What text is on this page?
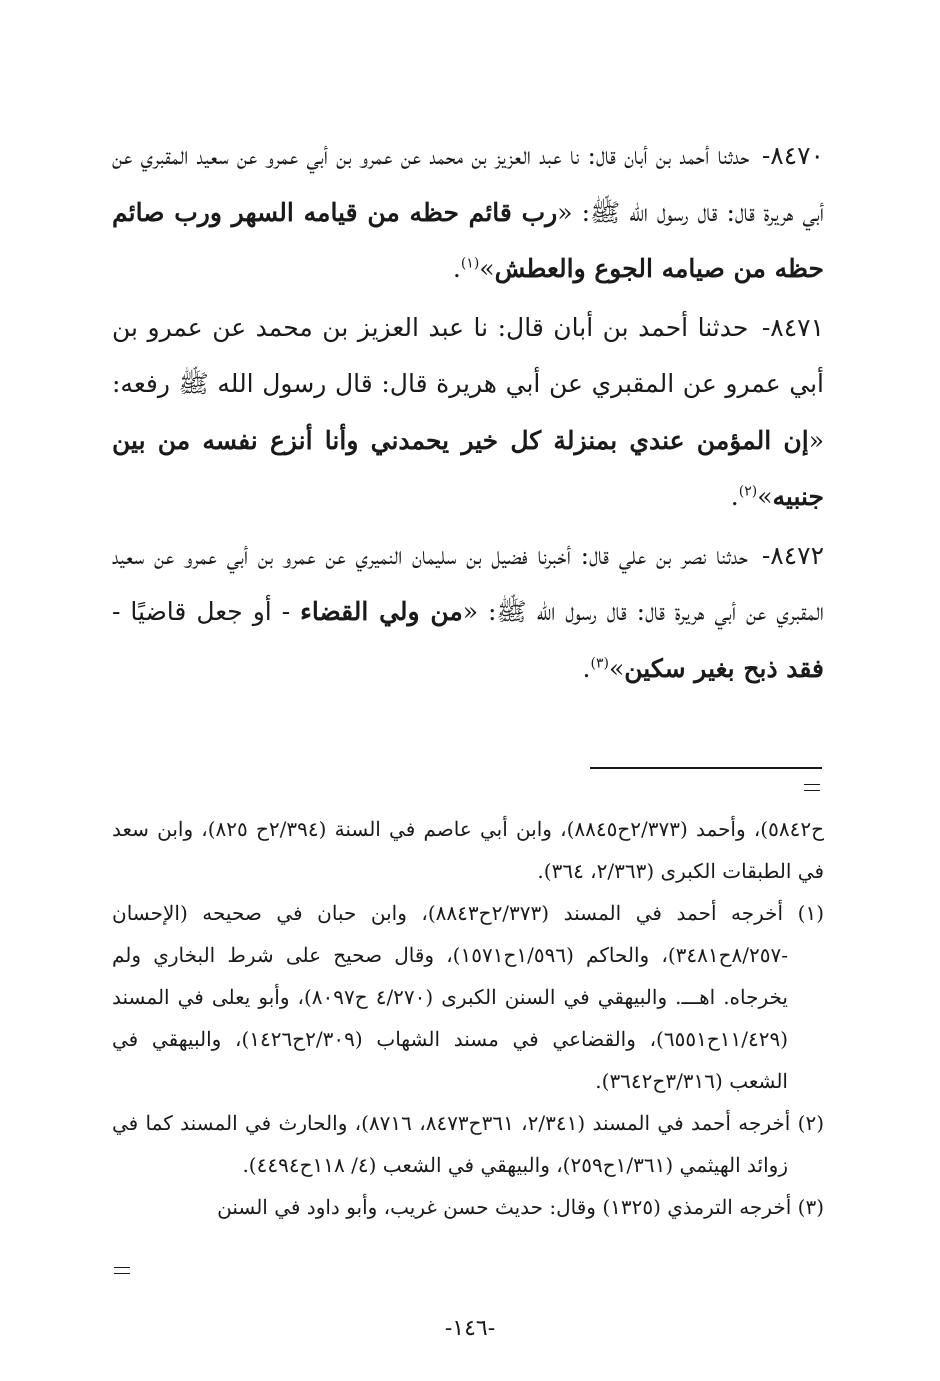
٨٤٧٠- حدثنا أحمد بن أبان قال: نا عبد العزيز بن محمد عن عمرو بن أبي عمرو عن سعيد المقبري عن أبي هريرة قال: قال رسول الله ﷺ: «رب قائم حظه من قيامه السهر ورب صائم حظه من صيامه الجوع والعطش»$^{(١)}$.

٨٤٧١- حدثنا أحمد بن أبان قال: نا عبد العزيز بن محمد عن عمرو بن أبي عمرو عن المقبري عن أبي هريرة قال: قال رسول الله ﷺ رفعه: «إن المؤمن عندي بمنزلة كل خير يحمدني وأنا أنزع نفسه من بين جنبيه»$^{(٢)}$.

٨٤٧٢- حدثنا نصر بن علي قال: أخبرنا فضيل بن سليمان النميري عن عمرو بن أبي عمرو عن سعيد المقبري عن أبي هريرة قال: قال رسول الله ﷺ: «من ولي القضاء - أو جعل قاضيًا - فقد ذبح بغير سكين»$^{(٣)}$.

ح٥٨٤٢)، وأحمد (٢/٣٧٣ح٨٨٤٥)، وابن أبي عاصم في السنة (٢/٣٩٤ح ٨٢٥)، وابن سعد في الطبقات الكبرى (٢/٣٦٣، ٣٦٤).

(١) أخرجه أحمد في المسند (٢/٣٧٣ح٨٨٤٣)، وابن حبان في صحيحه (الإحسان -٨/٢٥٧ح٣٤٨١)، والحاكم (١/٥٩٦ح١٥٧١)، وقال صحيح على شرط البخاري ولم يخرجاه. اهـــ. والبيهقي في السنن الكبرى (٤/٢٧٠ ح٨٠٩٧)، وأبو يعلى في المسند (١١/٤٢٩ح٦٥٥١)، والقضاعي في مسند الشهاب (٢/٣٠٩ح١٤٢٦)، والبيهقي في الشعب (٣/٣١٦ح٣٦٤٢).

(٢) أخرجه أحمد في المسند (٢/٣٤١، ٣٦١ح٨٤٧٣، ٨٧١٦)، والحارث في المسند كما في زوائد الهيثمي (١/٣٦١ح٢٥٩)، والبيهقي في الشعب (٤/ ١١٨ح٤٤٩٤).

(٣) أخرجه الترمذي (١٣٢٥) وقال: حديث حسن غريب، وأبو داود في السنن

-١٤٦-
